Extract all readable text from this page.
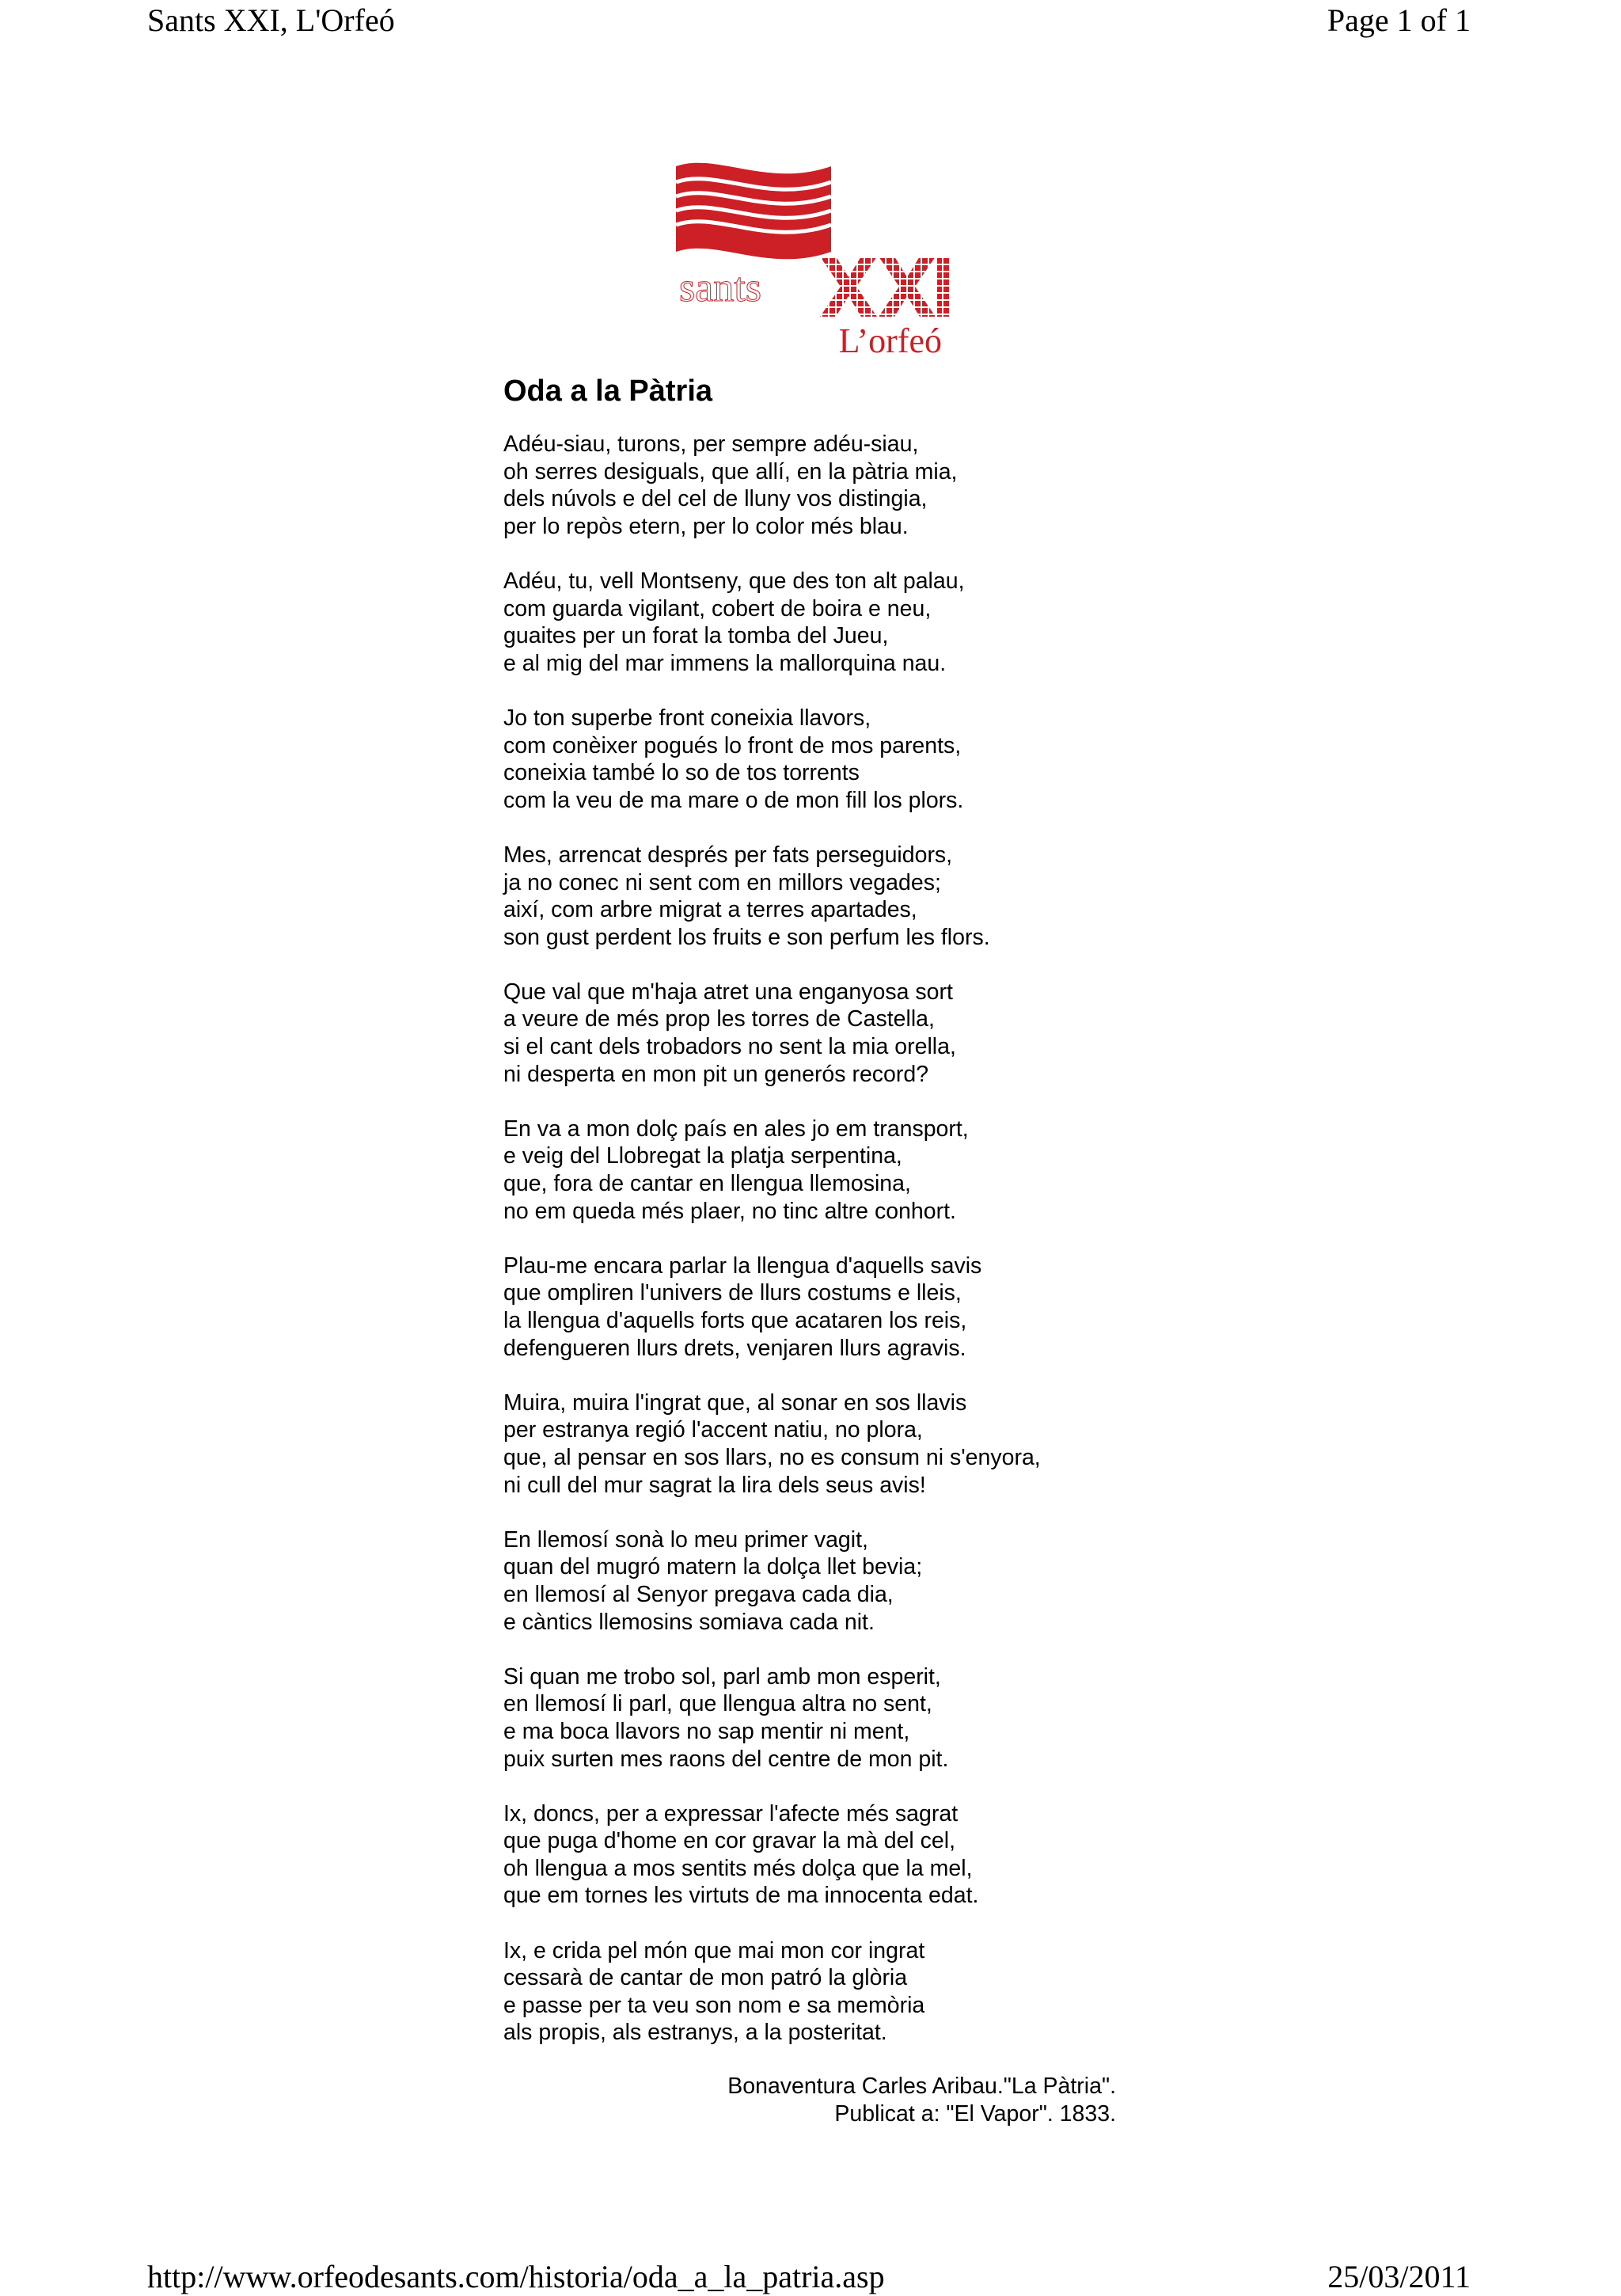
Sants XXI, L'Orfeó	Page 1 of 1
sants
L’orfeó
Oda a la Pàtria

Adéu-siau, turons, per sempre adéu-siau,
oh serres desiguals, que allí, en la pàtria mia,
dels núvols e del cel de lluny vos distingia,
per lo repòs etern, per lo color més blau.

Adéu, tu, vell Montseny, que des ton alt palau,
com guarda vigilant, cobert de boira e neu,
guaites per un forat la tomba del Jueu,
e al mig del mar immens la mallorquina nau.

Jo ton superbe front coneixia llavors,
com conèixer pogués lo front de mos parents,
coneixia també lo so de tos torrents
com la veu de ma mare o de mon fill los plors.

Mes, arrencat després per fats perseguidors,
ja no conec ni sent com en millors vegades;
així, com arbre migrat a terres apartades,
son gust perdent los fruits e son perfum les flors.

Que val que m'haja atret una enganyosa sort
a veure de més prop les torres de Castella,
si el cant dels trobadors no sent la mia orella,
ni desperta en mon pit un generós record?

En va a mon dolç país en ales jo em transport,
e veig del Llobregat la platja serpentina,
que, fora de cantar en llengua llemosina,
no em queda més plaer, no tinc altre conhort.

Plau-me encara parlar la llengua d'aquells savis
que ompliren l'univers de llurs costums e lleis,
la llengua d'aquells forts que acataren los reis,
defengueren llurs drets, venjaren llurs agravis.

Muira, muira l'ingrat que, al sonar en sos llavis
per estranya regió l'accent natiu, no plora,
que, al pensar en sos llars, no es consum ni s'enyora,
ni cull del mur sagrat la lira dels seus avis!

En llemosí sonà lo meu primer vagit,
quan del mugró matern la dolça llet bevia;
en llemosí al Senyor pregava cada dia,
e càntics llemosins somiava cada nit.

Si quan me trobo sol, parl amb mon esperit,
en llemosí li parl, que llengua altra no sent,
e ma boca llavors no sap mentir ni ment,
puix surten mes raons del centre de mon pit.

Ix, doncs, per a expressar l'afecte més sagrat
que puga d'home en cor gravar la mà del cel,
oh llengua a mos sentits més dolça que la mel,
que em tornes les virtuts de ma innocenta edat.

Ix, e crida pel món que mai mon cor ingrat
cessarà de cantar de mon patró la glòria
e passe per ta veu son nom e sa memòria
als propis, als estranys, a la posteritat.

Bonaventura Carles Aribau."La Pàtria".
Publicat a: "El Vapor". 1833.
http://www.orfeodesants.com/historia/oda_a_la_patria.asp	25/03/2011
